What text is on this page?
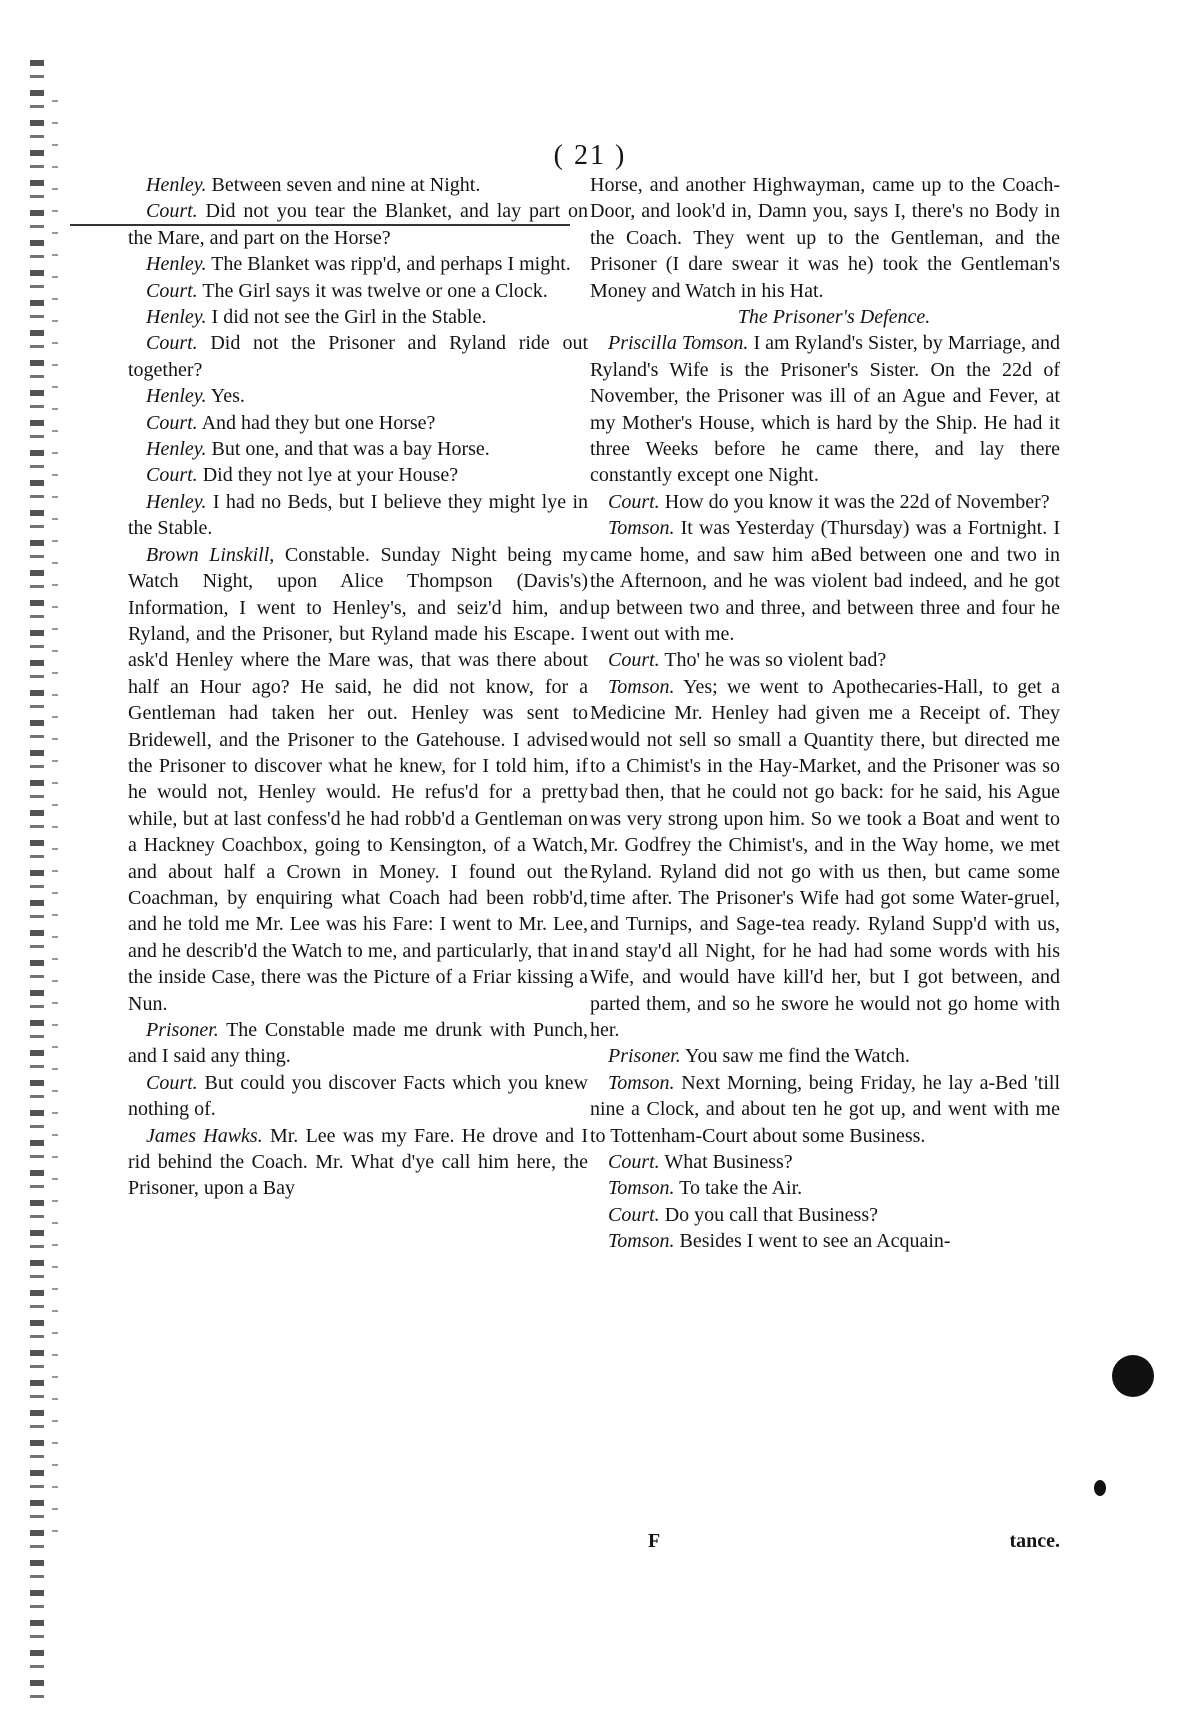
( 21 )

Henley. Between seven and nine at Night.

Court. Did not you tear the Blanket, and lay part on the Mare, and part on the Horse?

Henley. The Blanket was ripp'd, and perhaps I might.

Court. The Girl says it was twelve or one a Clock.

Henley. I did not see the Girl in the Stable.

Court. Did not the Prisoner and Ryland ride out together?

Henley. Yes.

Court. And had they but one Horse?

Henley. But one, and that was a bay Horse.

Court. Did they not lye at your House?

Henley. I had no Beds, but I believe they might lye in the Stable.

Brown Linskill, Constable. Sunday Night being my Watch Night, upon Alice Thompson (Davis's) Information, I went to Henley's, and seiz'd him, and Ryland, and the Prisoner, but Ryland made his Escape. I ask'd Henley where the Mare was, that was there about half an Hour ago? He said, he did not know, for a Gentleman had taken her out. Henley was sent to Bridewell, and the Prisoner to the Gatehouse. I advised the Prisoner to discover what he knew, for I told him, if he would not, Henley would. He refus'd for a pretty while, but at last confess'd he had robb'd a Gentleman on a Hackney Coachbox, going to Kensington, of a Watch, and about half a Crown in Money. I found out the Coachman, by enquiring what Coach had been robb'd, and he told me Mr. Lee was his Fare: I went to Mr. Lee, and he describ'd the Watch to me, and particularly, that in the inside Case, there was the Picture of a Friar kissing a Nun.

Prisoner. The Constable made me drunk with Punch, and I said any thing.

Court. But could you discover Facts which you knew nothing of.

James Hawks. Mr. Lee was my Fare. He drove and I rid behind the Coach. Mr. What d'ye call him here, the Prisoner, upon a Bay

Horse, and another Highwayman, came up to the Coach-Door, and look'd in, Damn you, says I, there's no Body in the Coach. They went up to the Gentleman, and the Prisoner (I dare swear it was he) took the Gentleman's Money and Watch in his Hat.

The Prisoner's Defence.

Priscilla Tomson. I am Ryland's Sister, by Marriage, and Ryland's Wife is the Prisoner's Sister. On the 22d of November, the Prisoner was ill of an Ague and Fever, at my Mother's House, which is hard by the Ship. He had it three Weeks before he came there, and lay there constantly except one Night.

Court. How do you know it was the 22d of November?

Tomson. It was Yesterday (Thursday) was a Fortnight. I came home, and saw him aBed between one and two in the Afternoon, and he was violent bad indeed, and he got up between two and three, and between three and four he went out with me.

Court. Tho' he was so violent bad?

Tomson. Yes; we went to Apothecaries-Hall, to get a Medicine Mr. Henley had given me a Receipt of. They would not sell so small a Quantity there, but directed me to a Chimist's in the Hay-Market, and the Prisoner was so bad then, that he could not go back: for he said, his Ague was very strong upon him. So we took a Boat and went to Mr. Godfrey the Chimist's, and in the Way home, we met Ryland. Ryland did not go with us then, but came some time after. The Prisoner's Wife had got some Water-gruel, and Turnips, and Sage-tea ready. Ryland Supp'd with us, and stay'd all Night, for he had had some words with his Wife, and would have kill'd her, but I got between, and parted them, and so he swore he would not go home with her.

Prisoner. You saw me find the Watch.

Tomson. Next Morning, being Friday, he lay a-Bed 'till nine a Clock, and about ten he got up, and went with me to Tottenham-Court about some Business.

Court. What Business?

Tomson. To take the Air.

Court. Do you call that Business?

Tomson. Besides I went to see an Acquain-

F	tance.
